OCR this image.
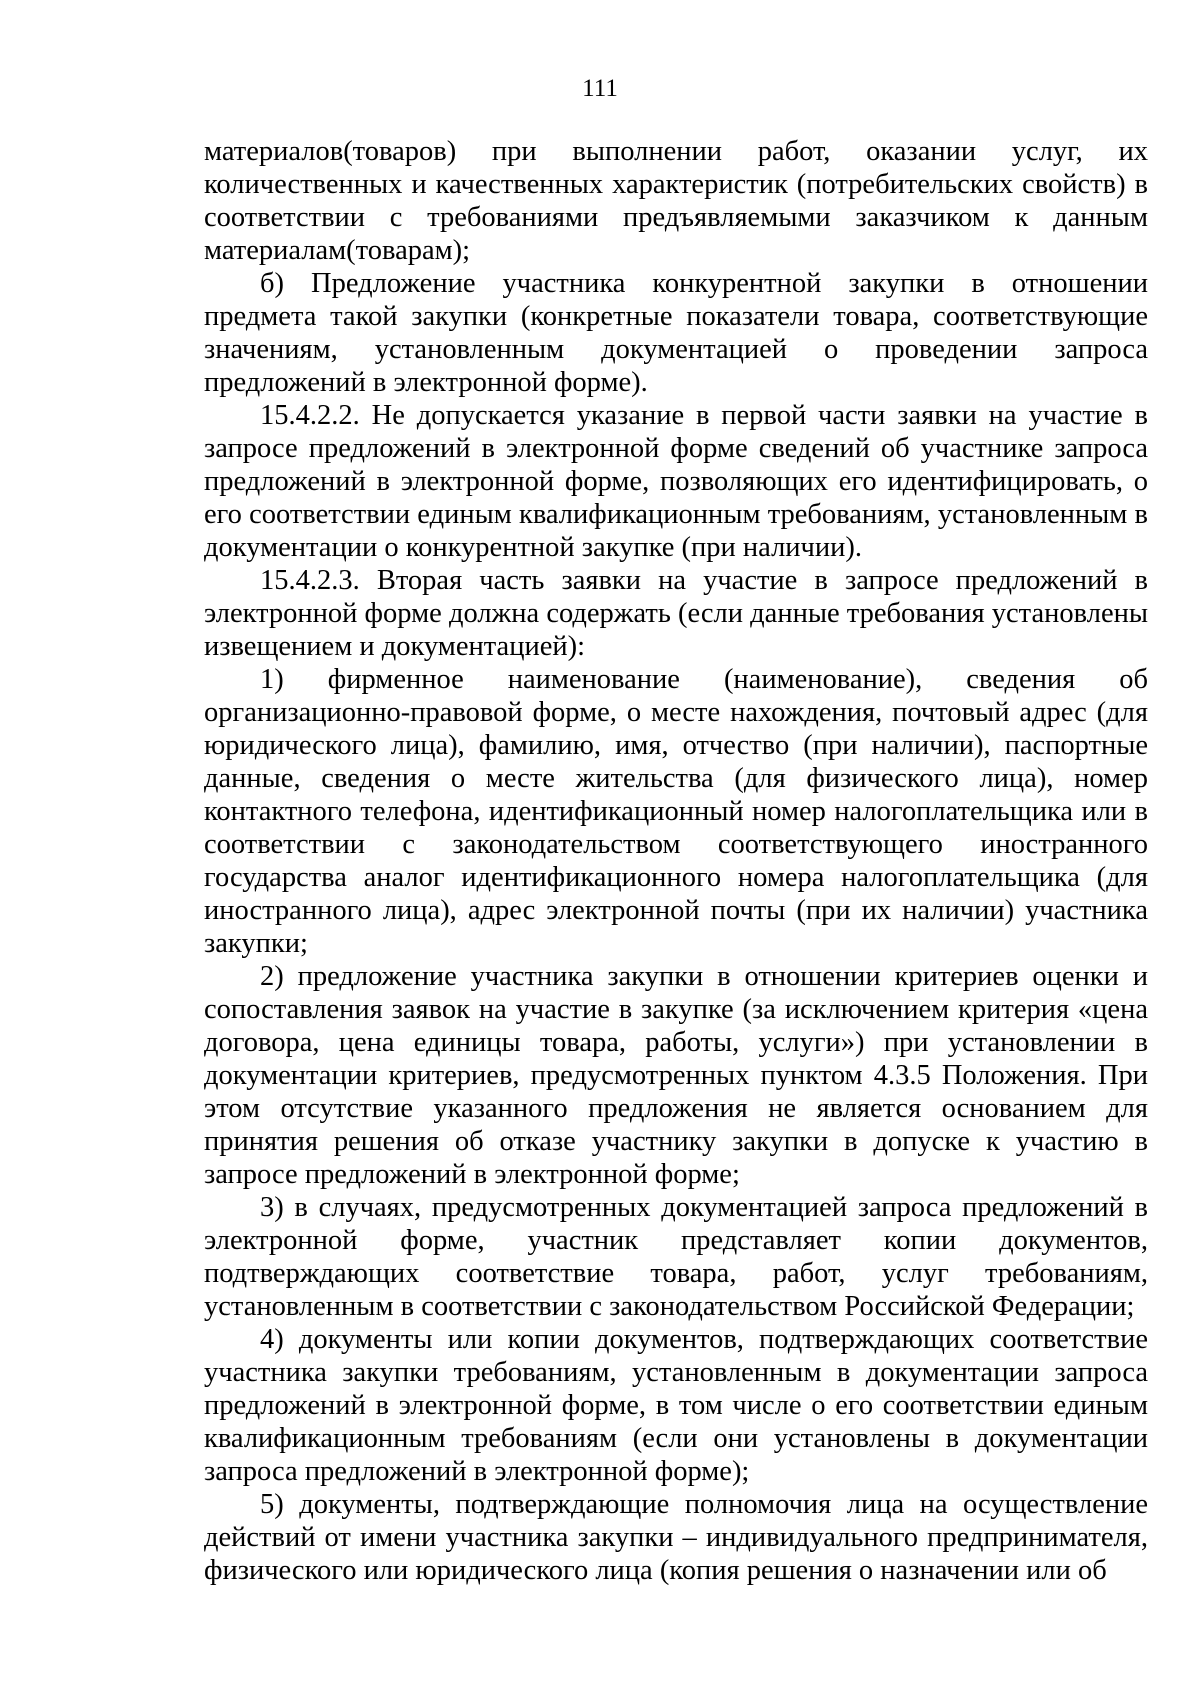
111

материалов(товаров) при выполнении работ, оказании услуг, их количественных и качественных характеристик (потребительских свойств) в соответствии с требованиями предъявляемыми заказчиком к данным материалам(товарам);

б) Предложение участника конкурентной закупки в отношении предмета такой закупки (конкретные показатели товара, соответствующие значениям, установленным документацией о проведении запроса предложений в электронной форме).

15.4.2.2. Не допускается указание в первой части заявки на участие в запросе предложений в электронной форме сведений об участнике запроса предложений в электронной форме, позволяющих его идентифицировать, о его соответствии единым квалификационным требованиям, установленным в документации о конкурентной закупке (при наличии).

15.4.2.3. Вторая часть заявки на участие в запросе предложений в электронной форме должна содержать (если данные требования установлены извещением и документацией):

1) фирменное наименование (наименование), сведения об организационно-правовой форме, о месте нахождения, почтовый адрес (для юридического лица), фамилию, имя, отчество (при наличии), паспортные данные, сведения о месте жительства (для физического лица), номер контактного телефона, идентификационный номер налогоплательщика или в соответствии с законодательством соответствующего иностранного государства аналог идентификационного номера налогоплательщика (для иностранного лица), адрес электронной почты (при их наличии) участника закупки;

2) предложение участника закупки в отношении критериев оценки и сопоставления заявок на участие в закупке (за исключением критерия «цена договора, цена единицы товара, работы, услуги») при установлении в документации критериев, предусмотренных пунктом 4.3.5 Положения. При этом отсутствие указанного предложения не является основанием для принятия решения об отказе участнику закупки в допуске к участию в запросе предложений в электронной форме;

3) в случаях, предусмотренных документацией запроса предложений в электронной форме, участник представляет копии документов, подтверждающих соответствие товара, работ, услуг требованиям, установленным в соответствии с законодательством Российской Федерации;

4) документы или копии документов, подтверждающих соответствие участника закупки требованиям, установленным в документации запроса предложений в электронной форме, в том числе о его соответствии единым квалификационным требованиям (если они установлены в документации запроса предложений в электронной форме);

5) документы, подтверждающие полномочия лица на осуществление действий от имени участника закупки – индивидуального предпринимателя, физического или юридического лица (копия решения о назначении или об
